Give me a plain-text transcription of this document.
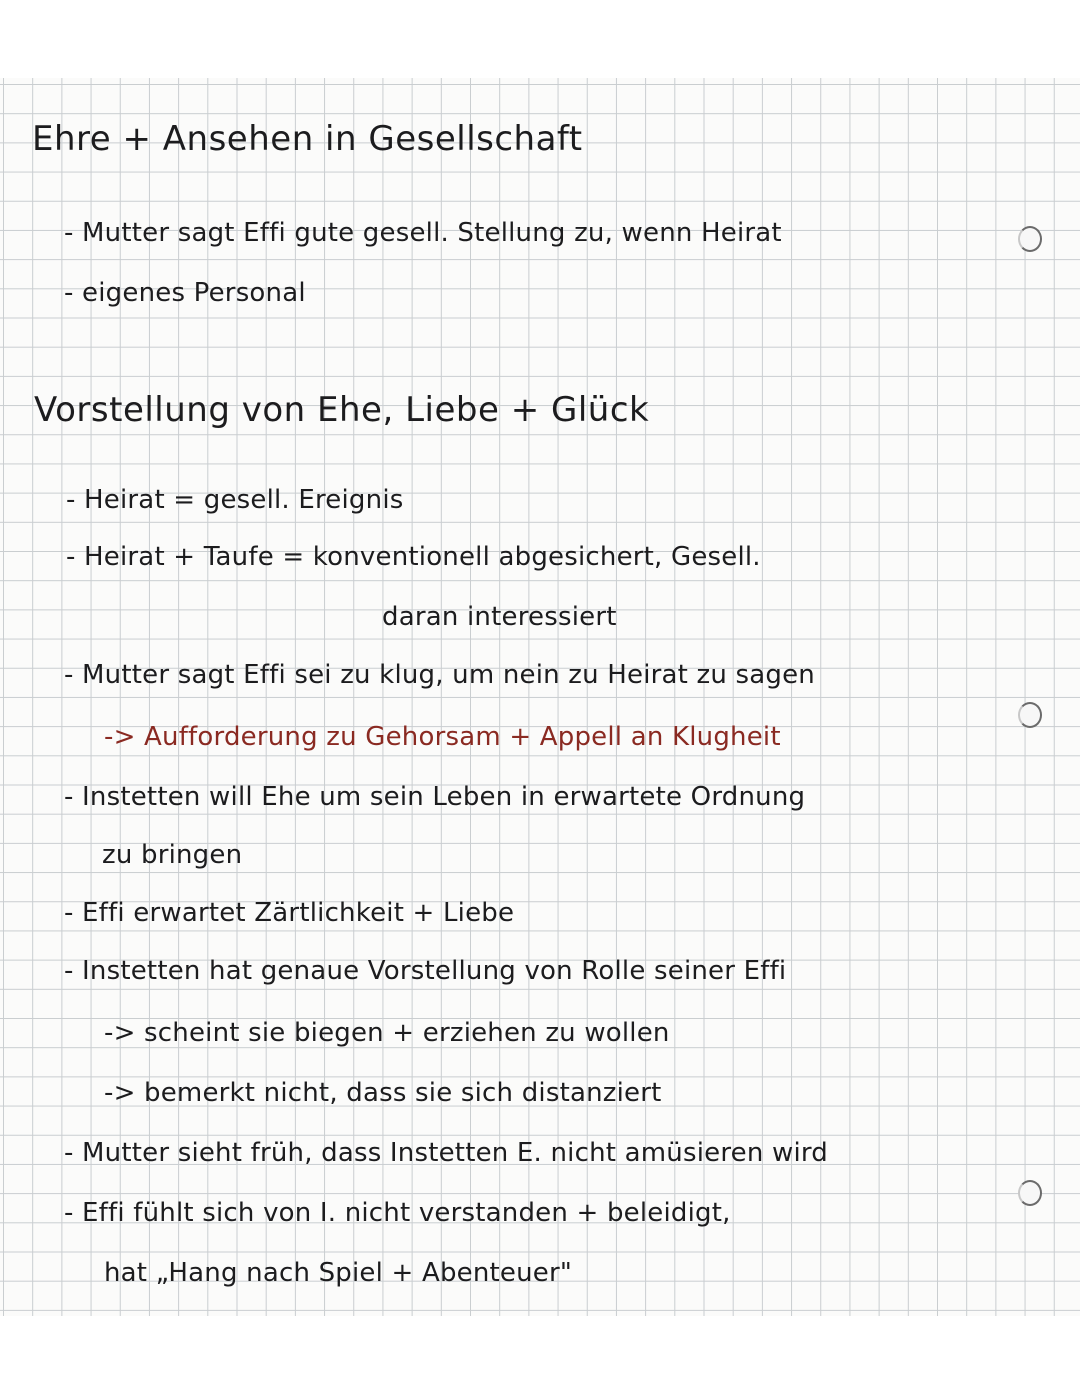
Ehre + Ansehen in Gesellschaft
- Mutter sagt Effi gute gesell. Stellung zu, wenn Heirat
- eigenes Personal
Vorstellung von Ehe, Liebe + Glück
- Heirat = gesell. Ereignis
- Heirat + Taufe = konventionell abgesichert, Gesell.
daran interessiert
- Mutter sagt Effi sei zu klug, um nein zu Heirat zu sagen
-> Aufforderung zu Gehorsam + Appell an Klugheit
- Instetten will Ehe um sein Leben in erwartete Ordnung
zu bringen
- Effi erwartet Zärtlichkeit + Liebe
- Instetten hat genaue Vorstellung von Rolle seiner Effi
-> scheint sie biegen + erziehen zu wollen
-> bemerkt nicht, dass sie sich distanziert
- Mutter sieht früh, dass Instetten E. nicht amüsieren wird
- Effi fühlt sich von I. nicht verstanden + beleidigt,
hat „Hang nach Spiel + Abenteuer"
